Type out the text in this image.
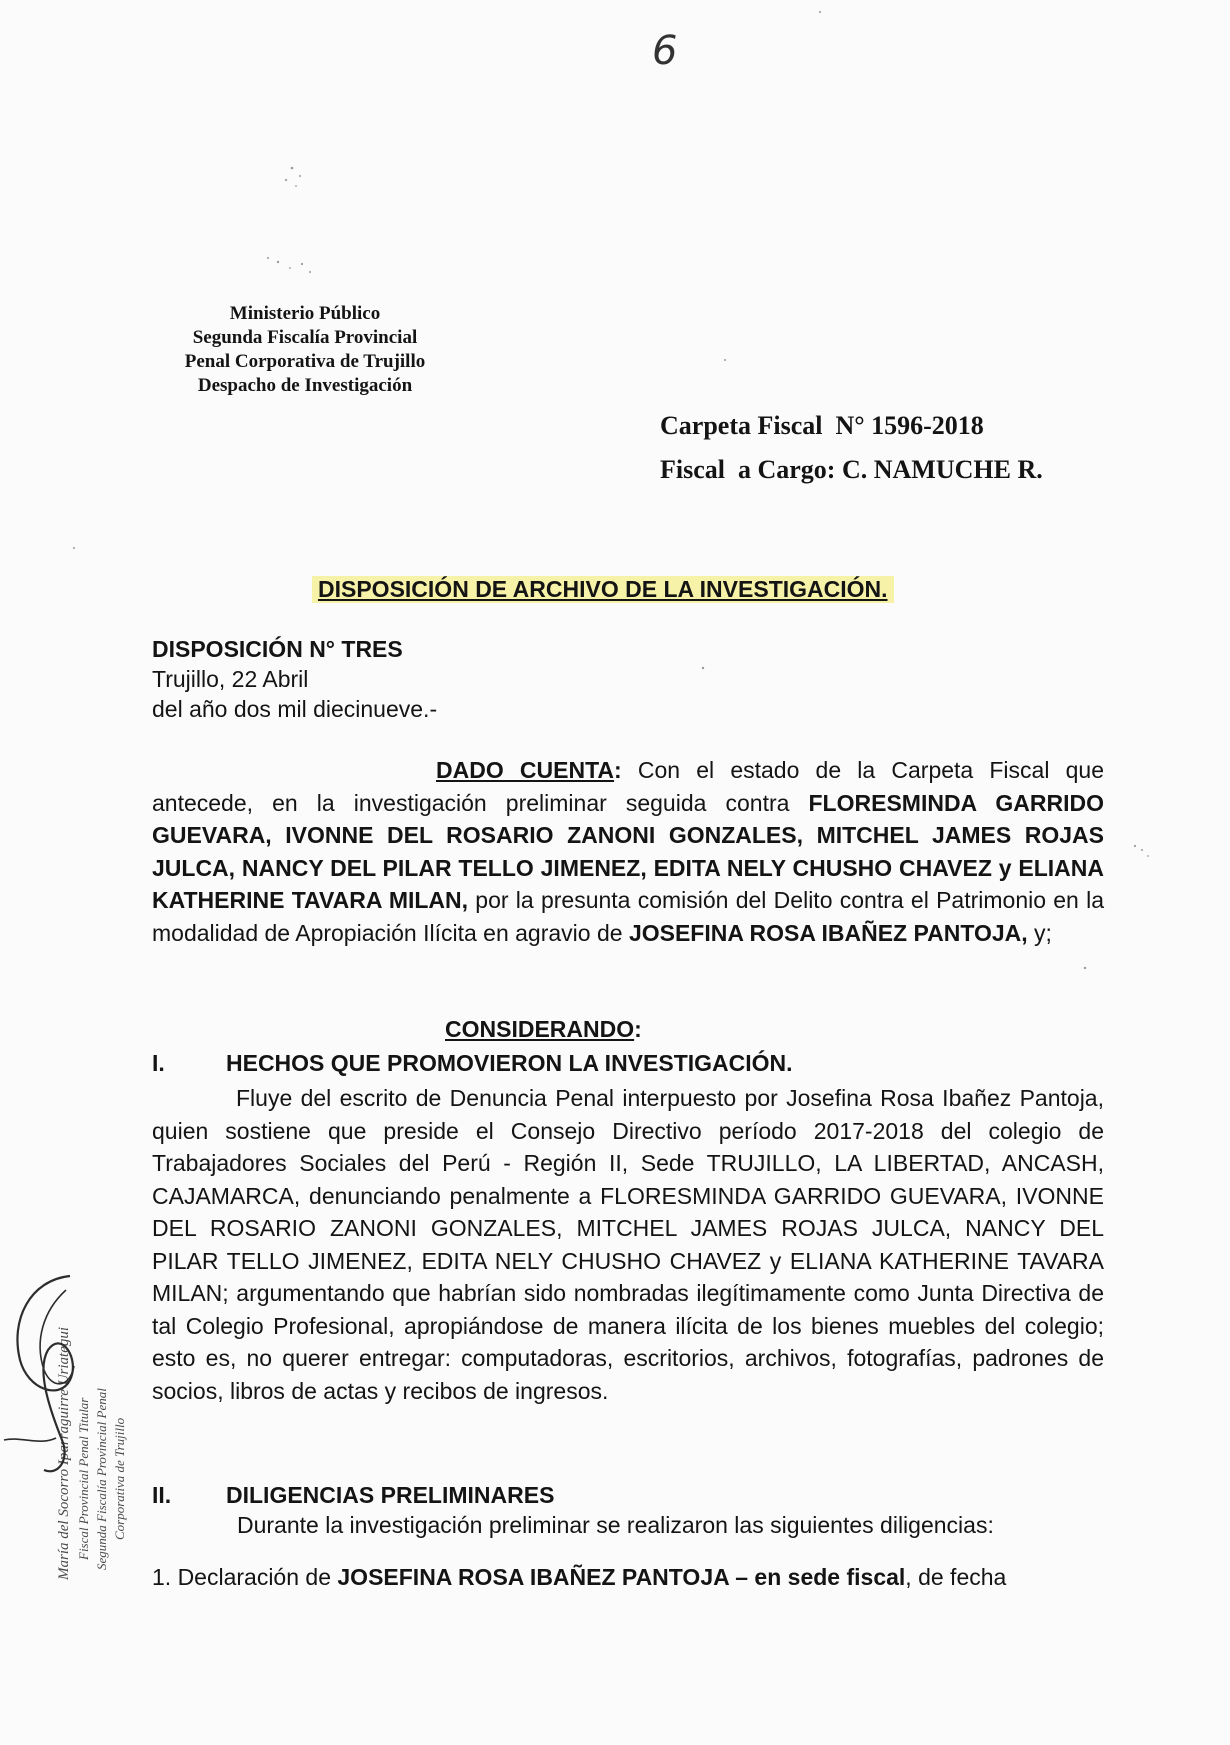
6
Ministerio Público
Segunda Fiscalía Provincial
Penal Corporativa de Trujillo
Despacho de Investigación
Carpeta Fiscal  N° 1596-2018
Fiscal  a Cargo: C. NAMUCHE R.
DISPOSICIÓN DE ARCHIVO DE LA INVESTIGACIÓN.
DISPOSICIÓN N° TRES
Trujillo, 22 Abril
del año dos mil diecinueve.-
DADO CUENTA: Con el estado de la Carpeta Fiscal que antecede, en la investigación preliminar seguida contra FLORESMINDA GARRIDO GUEVARA, IVONNE DEL ROSARIO ZANONI GONZALES, MITCHEL JAMES ROJAS JULCA, NANCY DEL PILAR TELLO JIMENEZ, EDITA NELY CHUSHO CHAVEZ y ELIANA KATHERINE TAVARA MILAN, por la presunta comisión del Delito contra el Patrimonio en la modalidad de Apropiación Ilícita en agravio de JOSEFINA ROSA IBAÑEZ PANTOJA, y;
CONSIDERANDO:
I.	HECHOS QUE PROMOVIERON LA INVESTIGACIÓN.
Fluye del escrito de Denuncia Penal interpuesto por Josefina Rosa Ibañez Pantoja, quien sostiene que preside el Consejo Directivo período 2017-2018 del colegio de Trabajadores Sociales del Perú - Región II, Sede TRUJILLO, LA LIBERTAD, ANCASH, CAJAMARCA, denunciando penalmente a FLORESMINDA GARRIDO GUEVARA, IVONNE DEL ROSARIO ZANONI GONZALES, MITCHEL JAMES ROJAS JULCA, NANCY DEL PILAR TELLO JIMENEZ, EDITA NELY CHUSHO CHAVEZ y ELIANA KATHERINE TAVARA MILAN; argumentando que habrían sido nombradas ilegítimamente como Junta Directiva de tal Colegio Profesional, apropiándose de manera ilícita de los bienes muebles del colegio; esto es, no querer entregar: computadoras, escritorios, archivos, fotografías, padrones de socios, libros de actas y recibos de ingresos.
II. DILIGENCIAS PRELIMINARES
Durante la investigación preliminar se realizaron las siguientes diligencias:
1. Declaración de JOSEFINA ROSA IBAÑEZ PANTOJA – en sede fiscal, de fecha
María del Socorro Iparraguirre Uriategui Fiscal Provincial Penal Titular Segunda Fiscalía Provincial Penal Corporativa de Trujillo
